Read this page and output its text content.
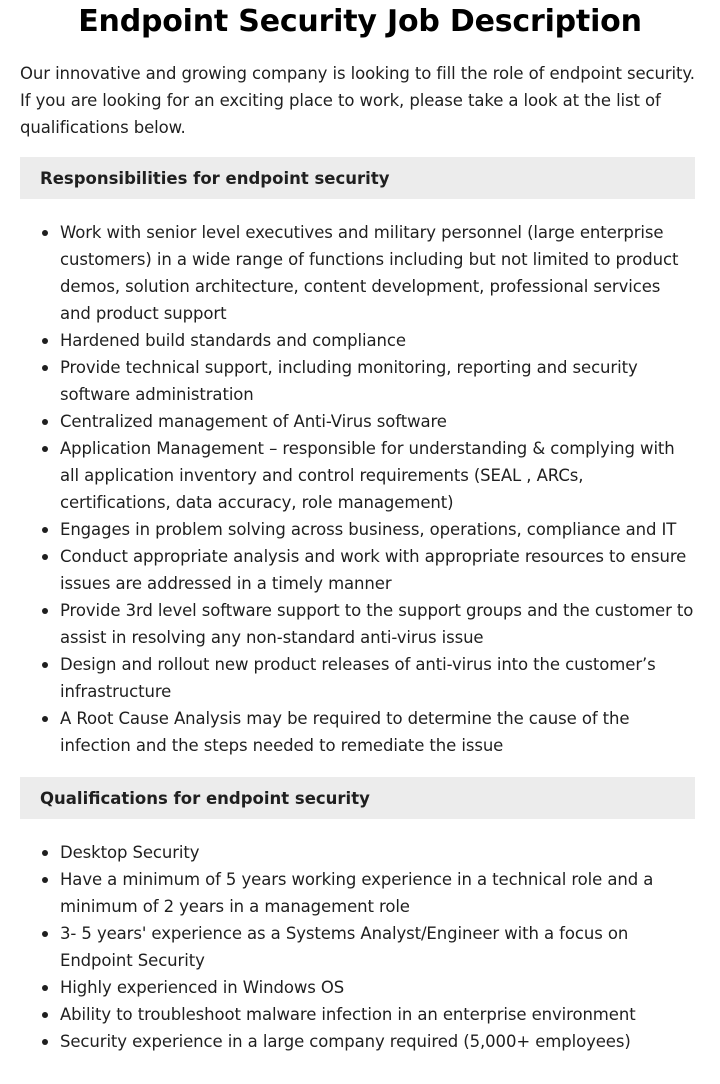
Endpoint Security Job Description

Our innovative and growing company is looking to fill the role of endpoint security. If you are looking for an exciting place to work, please take a look at the list of qualifications below.

Responsibilities for endpoint security
Work with senior level executives and military personnel (large enterprise customers) in a wide range of functions including but not limited to product demos, solution architecture, content development, professional services and product support
Hardened build standards and compliance
Provide technical support, including monitoring, reporting and security software administration
Centralized management of Anti-Virus software
Application Management – responsible for understanding & complying with all application inventory and control requirements (SEAL , ARCs, certifications, data accuracy, role management)
Engages in problem solving across business, operations, compliance and IT
Conduct appropriate analysis and work with appropriate resources to ensure issues are addressed in a timely manner
Provide 3rd level software support to the support groups and the customer to assist in resolving any non-standard anti-virus issue
Design and rollout new product releases of anti-virus into the customer’s infrastructure
A Root Cause Analysis may be required to determine the cause of the infection and the steps needed to remediate the issue
Qualifications for endpoint security
Desktop Security
Have a minimum of 5 years working experience in a technical role and a minimum of 2 years in a management role
3- 5 years' experience as a Systems Analyst/Engineer with a focus on Endpoint Security
Highly experienced in Windows OS
Ability to troubleshoot malware infection in an enterprise environment
Security experience in a large company required (5,000+ employees)
